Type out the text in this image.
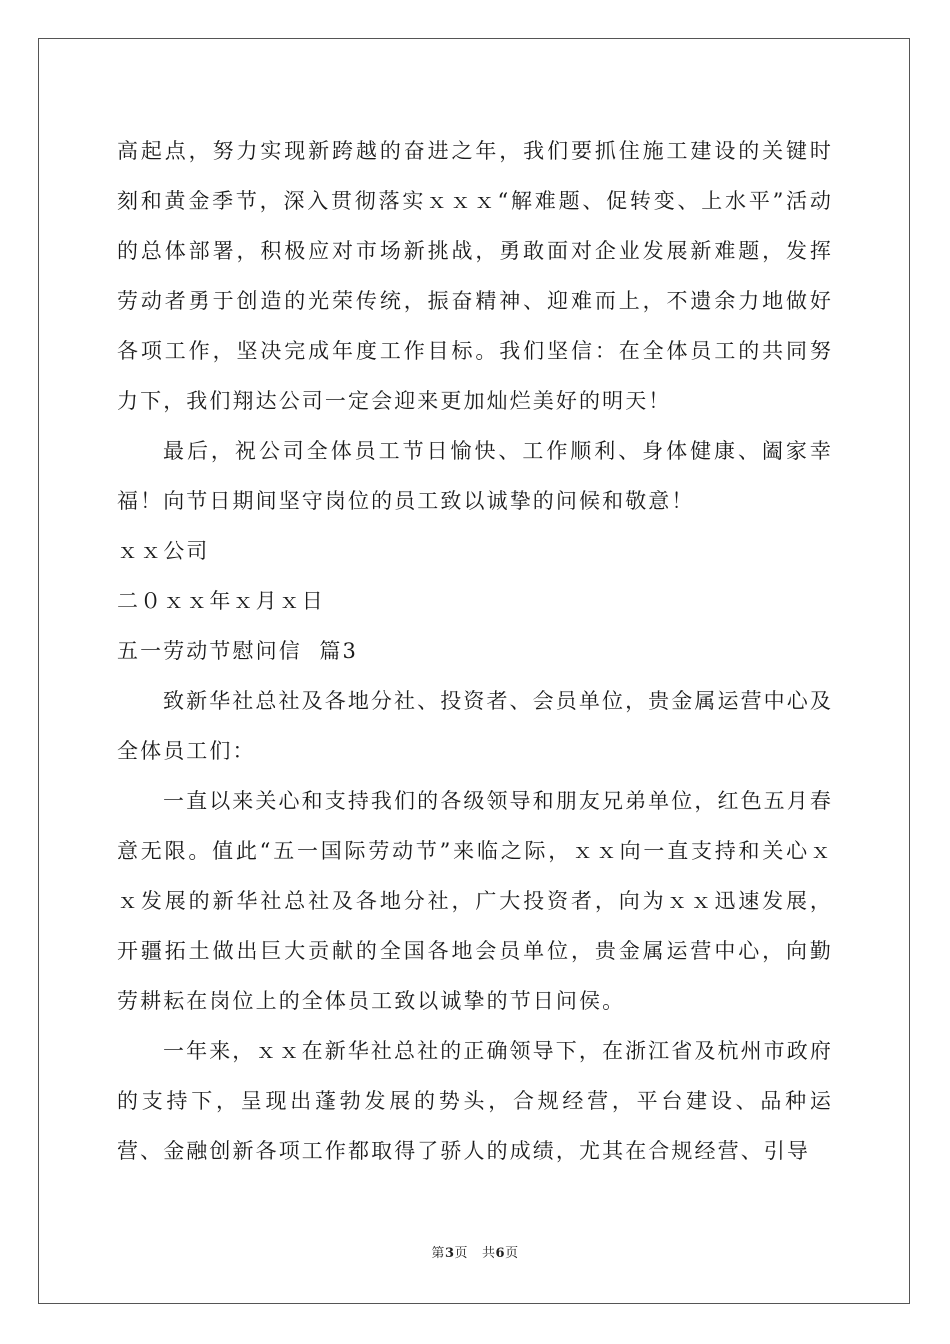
高起点，努力实现新跨越的奋进之年，我们要抓住施工建设的关键时刻和黄金季节，深入贯彻落实ｘｘｘ“解难题、促转变、上水平”活动的总体部署，积极应对市场新挑战，勇敢面对企业发展新难题，发挥劳动者勇于创造的光荣传统，振奋精神、迎难而上，不遗余力地做好各项工作，坚决完成年度工作目标。我们坚信：在全体员工的共同努力下，我们翔达公司一定会迎来更加灿烂美好的明天！

最后，祝公司全体员工节日愉快、工作顺利、身体健康、阖家幸福！向节日期间坚守岗位的员工致以诚挚的问候和敬意！

ｘｘ公司

二０ｘｘ年ｘ月ｘ日

五一劳动节慰问信  篇3

致新华社总社及各地分社、投资者、会员单位，贵金属运营中心及全体员工们：

一直以来关心和支持我们的各级领导和朋友兄弟单位，红色五月春意无限。值此“五一国际劳动节”来临之际，ｘｘ向一直支持和关心ｘｘ发展的新华社总社及各地分社，广大投资者，向为ｘｘ迅速发展，开疆拓土做出巨大贡献的全国各地会员单位，贵金属运营中心，向勤劳耕耘在岗位上的全体员工致以诚挚的节日问侯。

一年来，ｘｘ在新华社总社的正确领导下，在浙江省及杭州市政府的支持下，呈现出蓬勃发展的势头，合规经营，平台建设、品种运营、金融创新各项工作都取得了骄人的成绩，尤其在合规经营、引导

第3页 共6页
